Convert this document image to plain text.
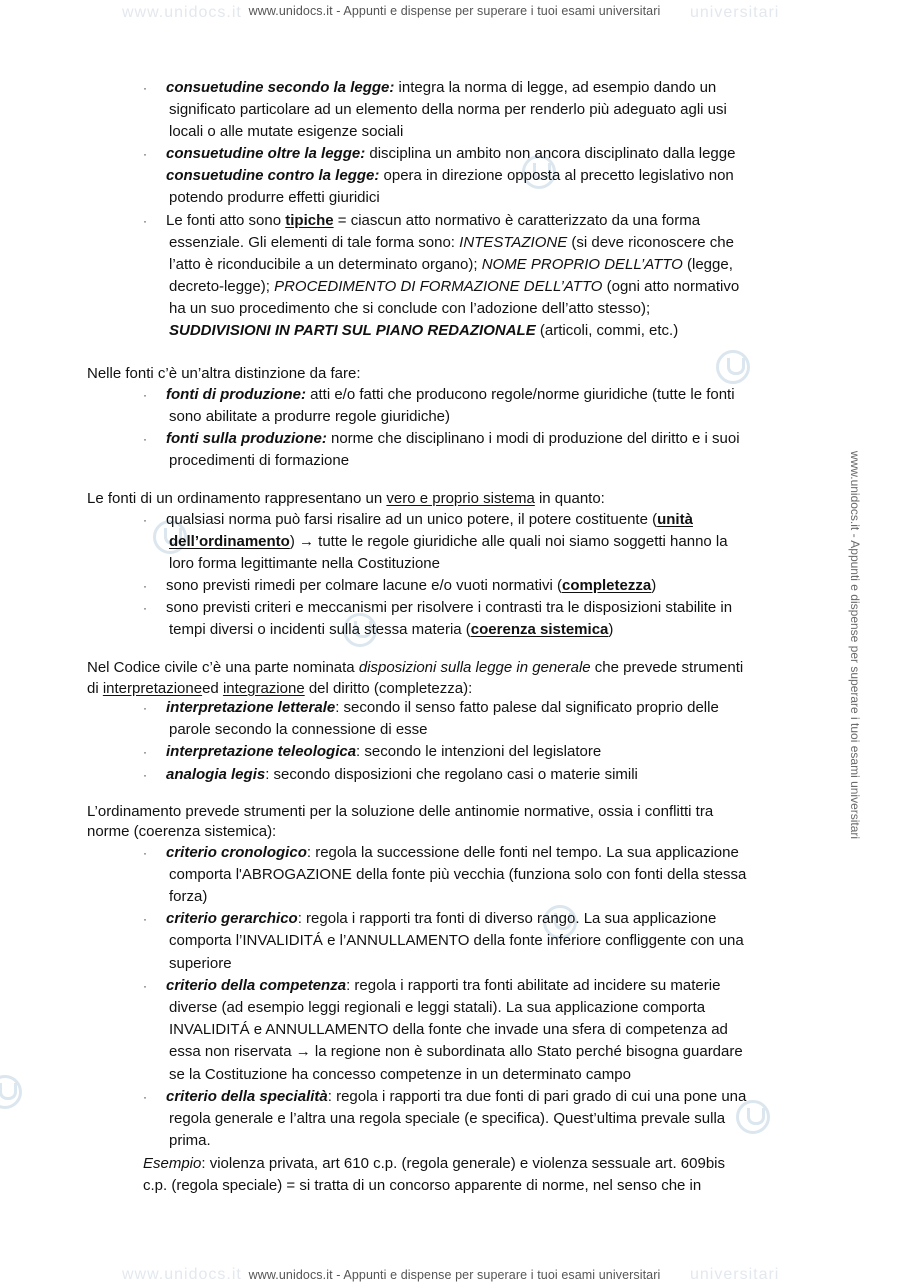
www.unidocs.it	universitari
www.unidocs.it - Appunti e dispense per superare i tuoi esami universitari
www.unidocs.it - Appunti e dispense per superare i tuoi esami universitari
· consuetudine secondo la legge: integra la norma di legge, ad esempio dando un
significato particolare ad un elemento della norma per renderlo più adeguato agli usi
locali o alle mutate esigenze sociali
· consuetudine oltre la legge: disciplina un ambito non ancora disciplinato dalla legge
consuetudine contro la legge: opera in direzione opposta al precetto legislativo non
potendo produrre effetti giuridici
· Le fonti atto sono tipiche = ciascun atto normativo è caratterizzato da una forma
essenziale. Gli elementi di tale forma sono: INTESTAZIONE (si deve riconoscere che
l’atto è riconducibile a un determinato organo); NOME PROPRIO DELL’ATTO (legge,
decreto-legge); PROCEDIMENTO DI FORMAZIONE DELL’ATTO (ogni atto normativo
ha un suo procedimento che si conclude con l’adozione dell’atto stesso);
SUDDIVISIONI IN PARTI SUL PIANO REDAZIONALE (articoli, commi, etc.)
Nelle fonti c’è un’altra distinzione da fare:
· fonti di produzione: atti e/o fatti che producono regole/norme giuridiche (tutte le fonti
sono abilitate a produrre regole giuridiche)
· fonti sulla produzione: norme che disciplinano i modi di produzione del diritto e i suoi
procedimenti di formazione
Le fonti di un ordinamento rappresentano un vero e proprio sistema in quanto:
· qualsiasi norma può farsi risalire ad un unico potere, il potere costituente (unità
dell’ordinamento) → tutte le regole giuridiche alle quali noi siamo soggetti hanno la
loro forma legittimante nella Costituzione
· sono previsti rimedi per colmare lacune e/o vuoti normativi (completezza)
· sono previsti criteri e meccanismi per risolvere i contrasti tra le disposizioni stabilite in
tempi diversi o incidenti sulla stessa materia (coerenza sistemica)
Nel Codice civile c’è una parte nominata disposizioni sulla legge in generale che prevede strumenti
di interpretazioneed integrazione del diritto (completezza):
· interpretazione letterale: secondo il senso fatto palese dal significato proprio delle
parole secondo la connessione di esse
· interpretazione teleologica: secondo le intenzioni del legislatore
· analogia legis: secondo disposizioni che regolano casi o materie simili
L’ordinamento prevede strumenti per la soluzione delle antinomie normative, ossia i conflitti tra
norme (coerenza sistemica):
· criterio cronologico: regola la successione delle fonti nel tempo. La sua applicazione
comporta l'ABROGAZIONE della fonte più vecchia (funziona solo con fonti della stessa
forza)
· criterio gerarchico: regola i rapporti tra fonti di diverso rango. La sua applicazione
comporta l’INVALIDITÁ e l’ANNULLAMENTO della fonte inferiore confliggente con una
superiore
· criterio della competenza: regola i rapporti tra fonti abilitate ad incidere su materie
diverse (ad esempio leggi regionali e leggi statali). La sua applicazione comporta
INVALIDITÁ e ANNULLAMENTO della fonte che invade una sfera di competenza ad
essa non riservata → la regione non è subordinata allo Stato perché bisogna guardare
se la Costituzione ha concesso competenze in un determinato campo
· criterio della specialità: regola i rapporti tra due fonti di pari grado di cui una pone una
regola generale e l’altra una regola speciale (e specifica). Quest’ultima prevale sulla
prima.
Esempio: violenza privata, art 610 c.p. (regola generale) e violenza sessuale art. 609bis
c.p. (regola speciale) = si tratta di un concorso apparente di norme, nel senso che in
www.unidocs.it	universitari
www.unidocs.it - Appunti e dispense per superare i tuoi esami universitari
